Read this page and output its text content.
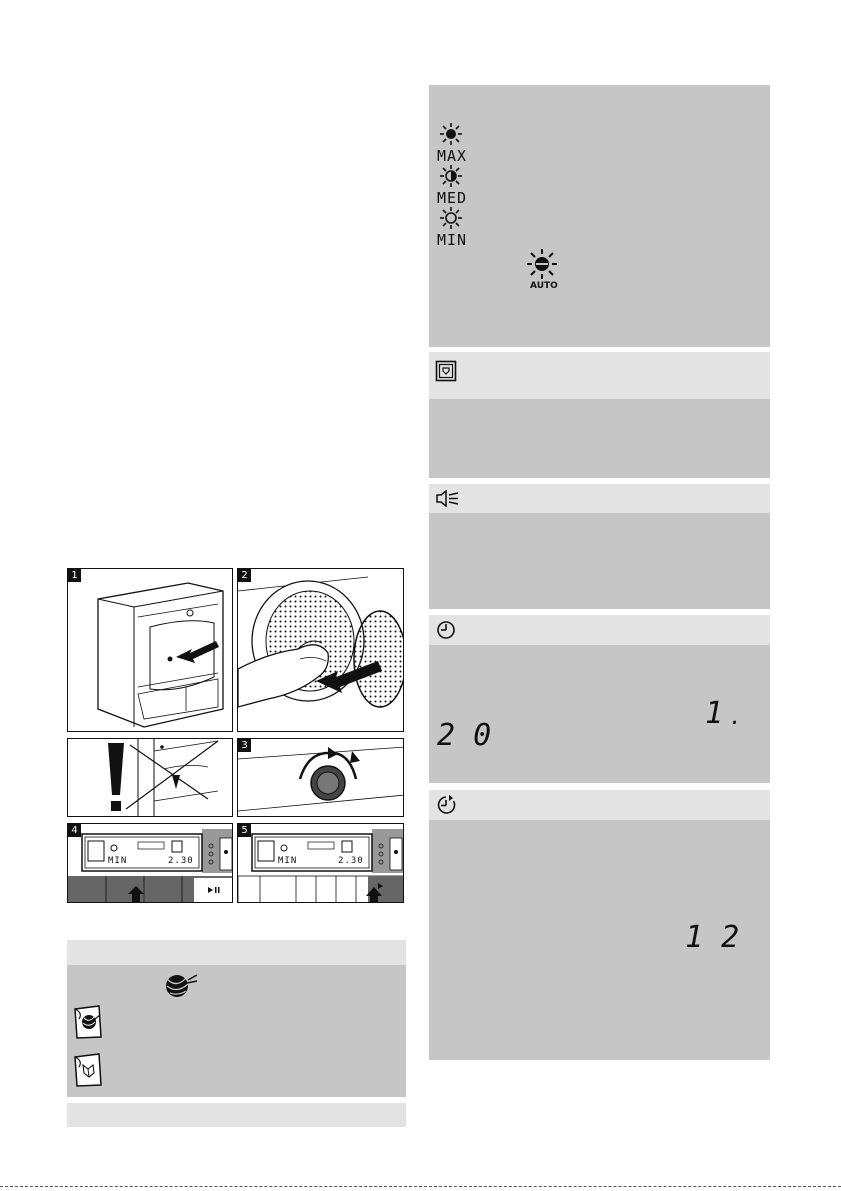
MAX
MED
MIN
AUTO
1 .
2 0
1 2
1	2
3
4
MIN	2.30
5
MIN	2.30
